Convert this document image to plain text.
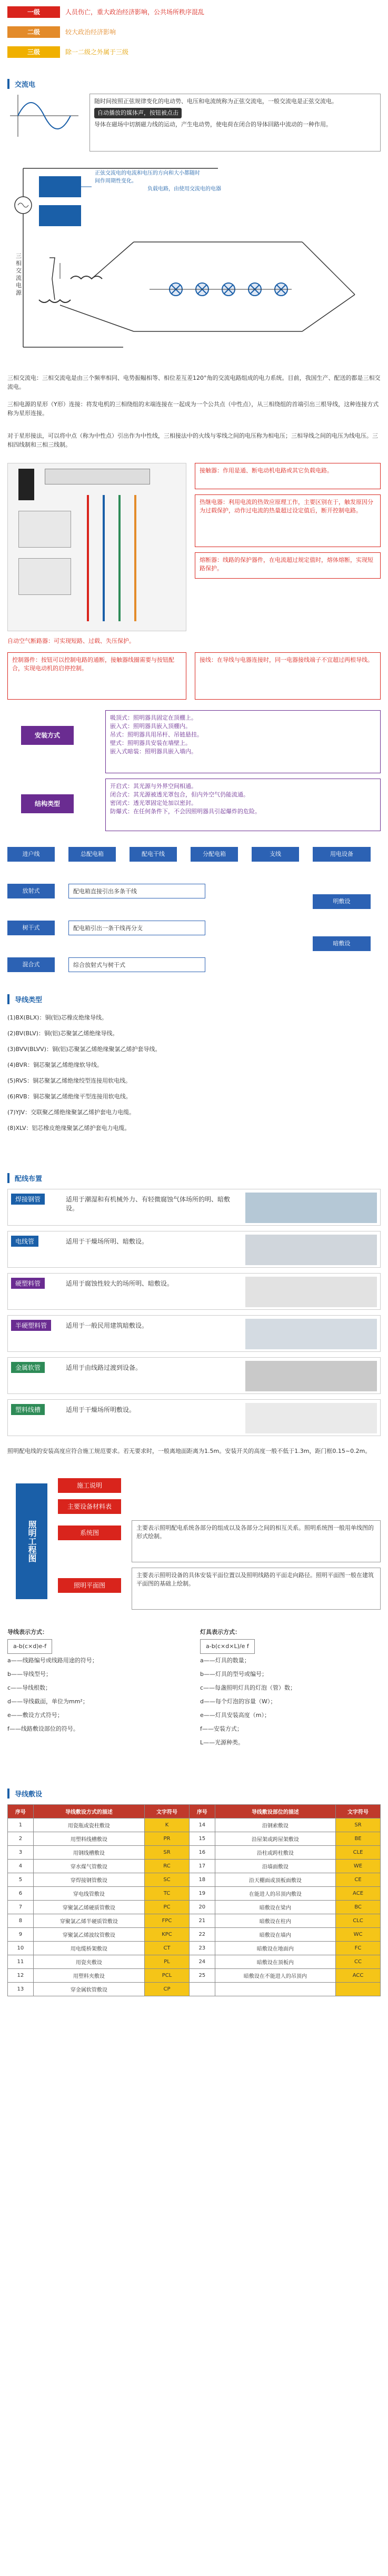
一级	人员伤亡，重大政治经济影响，公共场所秩序混乱
二级	较大政治经济影响
三级	除一二级之外属于三级
交流电
随时间按照正弦规律变化的电动势、电压和电流统称为正弦交流电，一般交流电是正弦交流电。
自动播放的媒体声，按钮被点击
导体在磁场中切割磁力线的运动，产生电动势，使电荷在闭合的导体回路中流动的一种作用。
三相交流电源
正弦交流电的电流和电压的方向和大小都随时间作周期性变化。
负载电路，由使用交流电的电器
三相交流电：三相交流电是由三个频率相同、电势振幅相等、相位差互差120°角的交流电路组成的电力系统。目前，我国生产、配送的都是三相交流电。
三相电源的星形（Y形）连接：将发电机的三相绕组的末端连接在一起成为一个公共点（中性点），从三相绕组的首端引出三根导线，这种连接方式称为星形连接。
对于星形接法，可以将中点（称为中性点）引出作为中性线，三相接法中的火线与零线之间的电压称为相电压；三相导线之间的电压为线电压。三相四线制和三相三线制。
接触器：作用是通、断电动机电路或其它负载电路。
热继电器：利用电流的热效应原理工作，主要区别在于，触发原因分为过载保护，动作过电流的热量超过设定值后，断开控制电路。
熔断器：线路的保护器件，在电流超过规定值时，熔体熔断，实现短路保护。
自动空气断路器：可实现短路、过载、失压保护。
控制器件：按钮可以控制电路的通断，接触器线圈需要与按钮配合，实现电动机的启停控制。
接线：在导线与电器连接时，同一电器接线端子不宜超过两根导线。
安装方式
吸顶式：照明器具固定在顶棚上。
嵌入式：照明器具嵌入顶棚内。
吊式：照明器具用吊杆、吊链悬挂。
壁式：照明器具安装在墙壁上。
嵌入式暗装：照明器具嵌入墙内。
结构类型
开启式：其光源与外界空间相通。
闭合式：其光源被透光罩包合，但内外空气仍能流通。
密闭式：透光罩固定处加以密封。
防爆式：在任何条件下，不会因照明器具引起爆炸的危险。
进户线	总配电箱	配电干线	分配电箱	支线	用电设备
放射式	配电箱直接引出多条干线
树干式	配电箱引出一条干线再分支
混合式	综合放射式与树干式
明敷设
暗敷设
导线类型
(1)BX(BLX)：铜(铝)芯橡皮绝缘导线。
(2)BV(BLV)：铜(铝)芯聚氯乙烯绝缘导线。
(3)BVV(BLVV)：铜(铝)芯聚氯乙烯绝缘聚氯乙烯护套导线。
(4)BVR：铜芯聚氯乙烯绝缘软导线。
(5)RVS：铜芯聚氯乙烯绝缘绞型连接用软电线。
(6)RVB：铜芯聚氯乙烯绝缘平型连接用软电线。
(7)YJV：交联聚乙烯绝缘聚氯乙烯护套电力电缆。
(8)XLV：铝芯橡皮绝缘聚氯乙烯护套电力电缆。
配线布置
焊接钢管	适用于潮湿和有机械外力、有轻微腐蚀气体场所的明、暗敷设。
电线管	适用于干燥场所明、暗敷设。
硬塑料管	适用于腐蚀性较大的场所明、暗敷设。
半硬塑料管	适用于一般民用建筑暗敷设。
金属软管	适用于由线路过渡到设备。
塑料线槽	适用于干燥场所明敷设。
照明配电线的安装高度应符合施工规范要求。若无要求时，一般离地面距离为1.5m。安装开关的高度一般不低于1.3m，距门框0.15~0.2m。
照明工程图
施工说明
主要设备材料表
系统图
照明平面图
主要表示照明配电系统各部分的组成以及各部分之间的相互关系。照明系统图一般用单线图的形式绘制。
主要表示照明设备的具体安装平面位置以及照明线路的平面走向路径。照明平面图一般在建筑平面图的基础上绘制。
导线表示方式：
a-b(c×d)e-f
a——线路编号或线路用途的符号；
b——导线型号；
c——导线根数；
d——导线截面，单位为mm²；
e——敷设方式符号；
f——线路敷设部位的符号。
灯具表示方式：
a-b(c×d×L)/e f
a——灯具的数量；
b——灯具的型号或编号；
c——每盏照明灯具的灯泡（管）数；
d——每个灯泡的容量（W）；
e——灯具安装高度（m）；
f——安装方式；
L——光源种类。
导线敷设
序号	导线敷设方式的描述	文字符号	序号	导线敷设部位的描述	文字符号
1	用瓷瓶或瓷柱敷设	K	14	沿钢索敷设	SR
2	用塑料线槽敷设	PR	15	沿屋架或跨屋架敷设	BE
3	用钢线槽敷设	SR	16	沿柱或跨柱敷设	CLE
4	穿水煤气管敷设	RC	17	沿墙面敷设	WE
5	穿焊接钢管敷设	SC	18	沿天棚面或顶板面敷设	CE
6	穿电线管敷设	TC	19	在能进人的吊顶内敷设	ACE
7	穿聚氯乙烯硬质管敷设	PC	20	暗敷设在梁内	BC
8	穿聚氯乙烯半硬质管敷设	FPC	21	暗敷设在柱内	CLC
9	穿聚氯乙烯波纹管敷设	KPC	22	暗敷设在墙内	WC
10	用电缆桥架敷设	CT	23	暗敷设在地面内	FC
11	用瓷夹敷设	PL	24	暗敷设在顶板内	CC
12	用塑料夹敷设	PCL	25	暗敷设在不能进人的吊顶内	ACC
13	穿金属软管敷设	CP			
